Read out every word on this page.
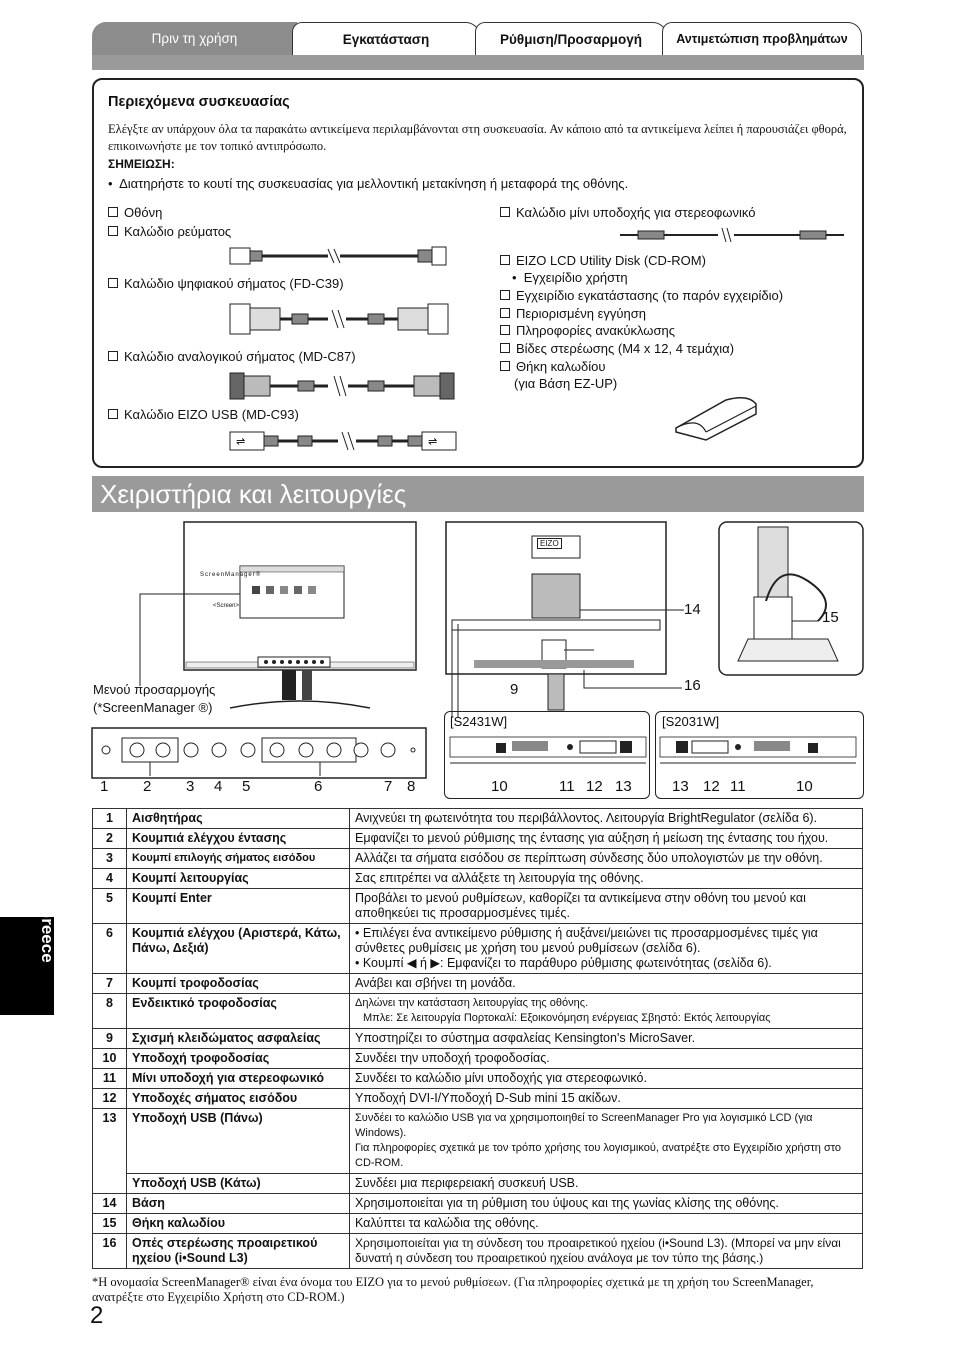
Πριν τη χρήση	Εγκατάσταση	Ρύθμιση/Προσαρμογή	Αντιμετώπιση προβλημάτων
Περιεχόμενα συσκευασίας
Ελέγξτε αν υπάρχουν όλα τα παρακάτω αντικείμενα περιλαμβάνονται στη συσκευασία. Αν κάποιο από τα αντικείμενα λείπει ή παρουσιάζει φθορά, επικοινωνήστε με τον τοπικό αντιπρόσωπο.
ΣΗΜΕΙΩΣΗ:
•  Διατηρήστε το κουτί της συσκευασίας για μελλοντική μετακίνηση ή μεταφορά της οθόνης.
Οθόνη
Καλώδιο ρεύματος
Καλώδιο ψηφιακού σήματος (FD-C39)
Καλώδιο αναλογικού σήματος (MD-C87)
Καλώδιο EIZO USB (MD-C93)
Καλώδιο μίνι υποδοχής για στερεοφωνικό
EIZO LCD Utility Disk (CD-ROM)
•  Εγχειρίδιο χρήστη
Εγχειρίδιο εγκατάστασης (το παρόν εγχειρίδιο)
Περιορισμένη εγγύηση
Πληροφορίες ανακύκλωσης
Βίδες στερέωσης (M4 x 12, 4 τεμάχια)
Θήκη καλωδίου
(για Βάση EZ-UP)
⇌	⇌
Χειριστήρια και λειτουργίες
ScreenManager®
<Screen>
Μενού προσαρμογής
(*ScreenManager ®)
1 2 3 4 5	6	7 8
EIZO
14
16
9
15
[S2431W]
10	11 12 13
[S2031W]
13 12 11	10
1	Αισθητήρας	Ανιχνεύει τη φωτεινότητα του περιβάλλοντος. Λειτουργία BrightRegulator (σελίδα 6).
2	Κουμπιά ελέγχου έντασης	Εμφανίζει το μενού ρύθμισης της έντασης για αύξηση ή μείωση της έντασης του ήχου.
3	Κουμπί επιλογής σήματος εισόδου	Αλλάζει τα σήματα εισόδου σε περίπτωση σύνδεσης δύο υπολογιστών με την οθόνη.
4	Κουμπί λειτουργίας	Σας επιτρέπει να αλλάξετε τη λειτουργία της οθόνης.
5	Κουμπί Enter	Προβάλει το μενού ρυθμίσεων, καθορίζει τα αντικείμενα στην οθόνη του μενού και αποθηκεύει τις προσαρμοσμένες τιμές.
6	Κουμπιά ελέγχου (Αριστερά, Κάτω, Πάνω, Δεξιά)	• Επιλέγει ένα αντικείμενο ρύθμισης ή αυξάνει/μειώνει τις προσαρμοσμένες τιμές για σύνθετες ρυθμίσεις με χρήση του μενού ρυθμίσεων (σελίδα 6).
• Κουμπί ◀ ή ▶: Εμφανίζει το παράθυρο ρύθμισης φωτεινότητας (σελίδα 6).

7	Κουμπί τροφοδοσίας	Ανάβει και σβήνει τη μονάδα.
8	Ενδεικτικό τροφοδοσίας	Δηλώνει την κατάσταση λειτουργίας της οθόνης.
Μπλε: Σε λειτουργία Πορτοκαλί: Εξοικονόμηση ενέργειας Σβηστό: Εκτός λειτουργίας

9	Σχισμή κλειδώματος ασφαλείας	Υποστηρίζει το σύστημα ασφαλείας Kensington's MicroSaver.
10	Υποδοχή τροφοδοσίας	Συνδέει την υποδοχή τροφοδοσίας.
11	Μίνι υποδοχή για στερεοφωνικό	Συνδέει το καλώδιο μίνι υποδοχής για στερεοφωνικό.
12	Υποδοχές σήματος εισόδου	Υποδοχή DVI-I/Υποδοχή D-Sub mini 15 ακίδων.
13	Υποδοχή USB (Πάνω)	Συνδέει το καλώδιο USB για να χρησιμοποιηθεί το ScreenManager Pro για λογισμικό LCD (για Windows).
Για πληροφορίες σχετικά με τον τρόπο χρήσης του λογισμικού, ανατρέξτε στο Εγχειρίδιο χρήστη στο CD-ROM.

	Υποδοχή USB (Κάτω)	Συνδέει μια περιφερειακή συσκευή USB.
14	Βάση	Χρησιμοποιείται για τη ρύθμιση του ύψους και της γωνίας κλίσης της οθόνης.
15	Θήκη καλωδίου	Καλύπτει τα καλώδια της οθόνης.
16	Οπές στερέωσης προαιρετικού ηχείου (i•Sound L3)	Χρησιμοποιείται για τη σύνδεση του προαιρετικού ηχείου (i•Sound L3). (Μπορεί να μην είναι δυνατή η σύνδεση του προαιρετικού ηχείου ανάλογα με τον τύπο της βάσης.)
*Η ονομασία ScreenManager® είναι ένα όνομα του EIZO για το μενού ρυθμίσεων. (Για πληροφορίες σχετικά με τη χρήση του ScreenManager, ανατρέξτε στο Εγχειρίδιο Χρήστη στο CD-ROM.)
2
Greece
